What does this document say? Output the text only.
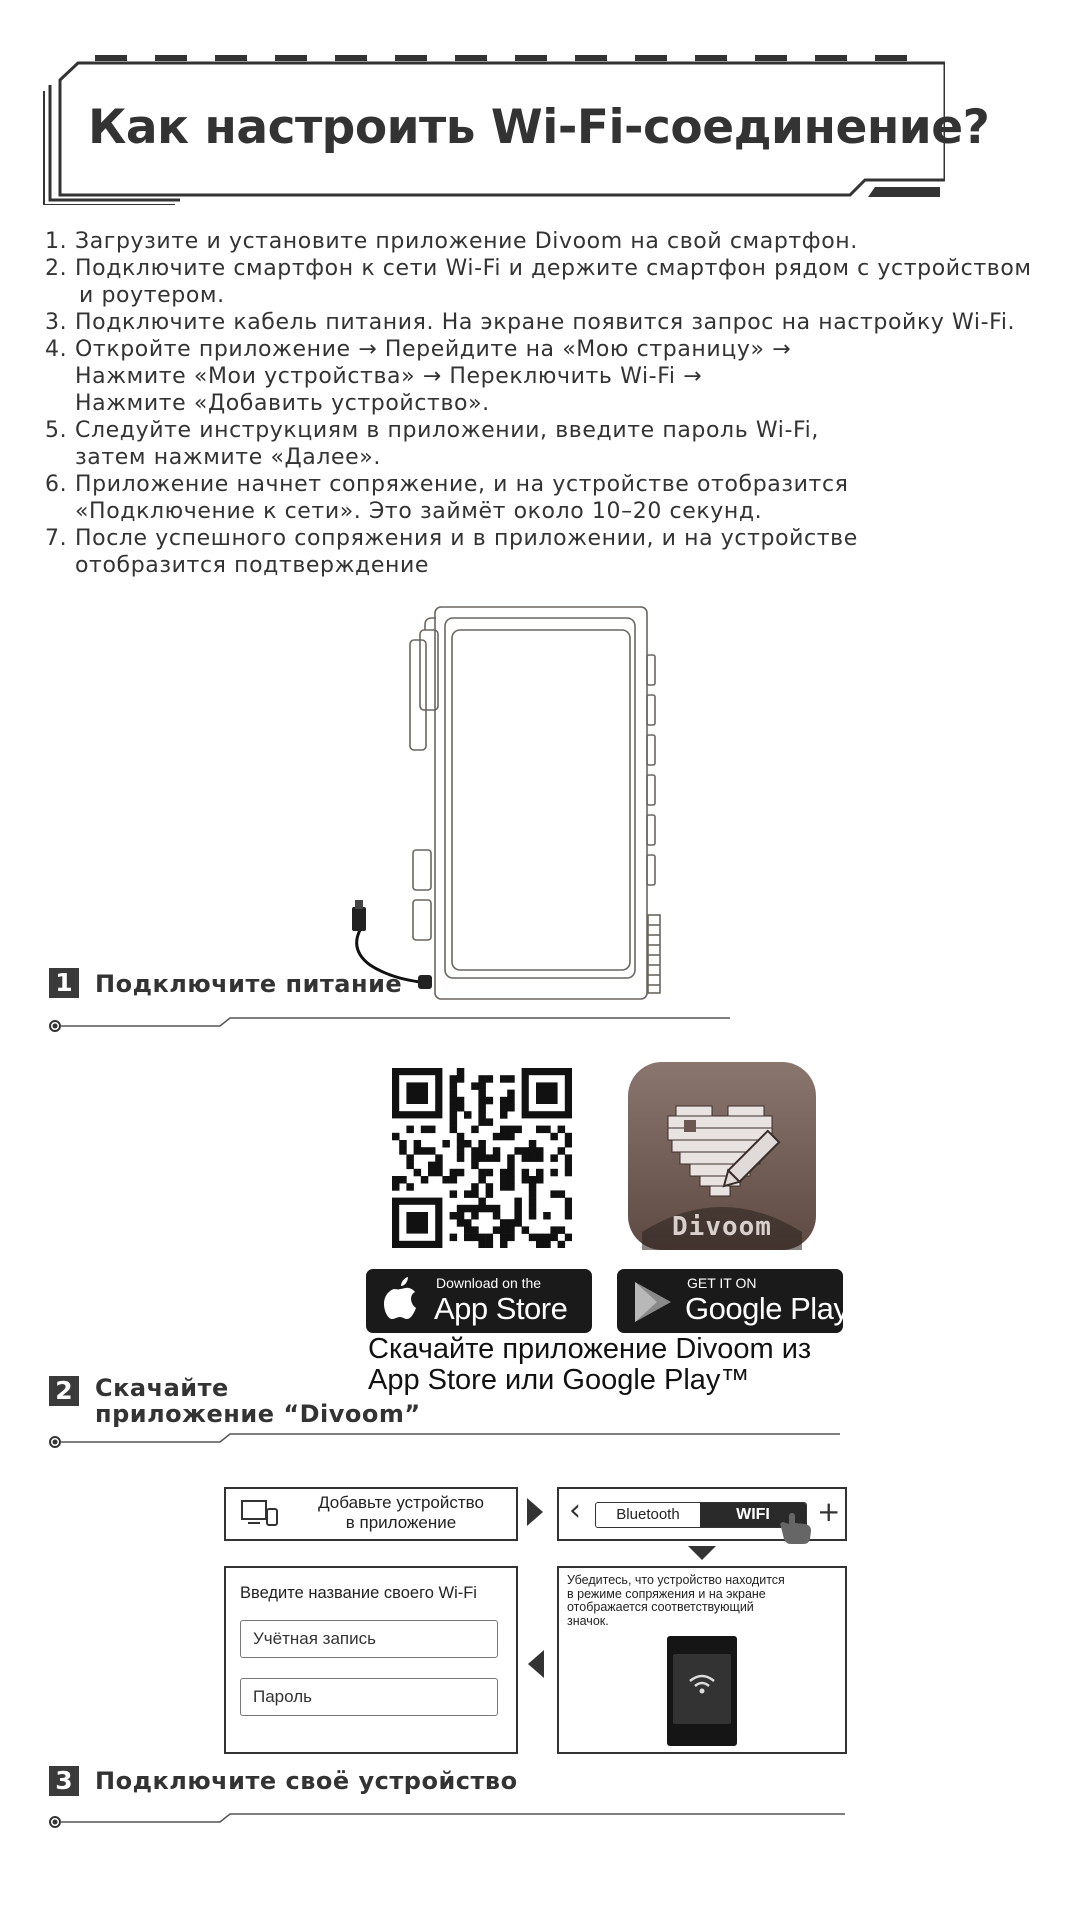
Как настроить Wi-Fi-соединение?
1. Загрузите и установите приложение Divoom на свой смартфон.
2. Подключите смартфон к сети Wi-Fi и держите смартфон рядом с устройством
и роутером.
3. Подключите кабель питания. На экране появится запрос на настройку Wi-Fi.
4. Откройте приложение → Перейдите на «Мою страницу» →
Нажмите «Мои устройства» → Переключить Wi-Fi →
Нажмите «Добавить устройство».
5. Следуйте инструкциям в приложении, введите пароль Wi-Fi,
затем нажмите «Далее».
6. Приложение начнет сопряжение, и на устройстве отобразится
«Подключение к сети». Это займёт около 10–20 секунд.
7. После успешного сопряжения и в приложении, и на устройстве
отобразится подтверждение
1 Подключите питание
Divoom
Download on the
App Store
GET IT ON
Google Play
Скачайте приложение Divoom из
App Store или Google Play™
2 Скачайте
приложение “Divoom”
Добавьте устройство
в приложение	‹	Bluetooth	WIFI	+
Убедитесь, что устройство находится
в режиме сопряжения и на экране
отображается соответствующий
значок.
Введите название своего Wi-Fi
Учётная запись
Пароль
3 Подключите своё устройство
